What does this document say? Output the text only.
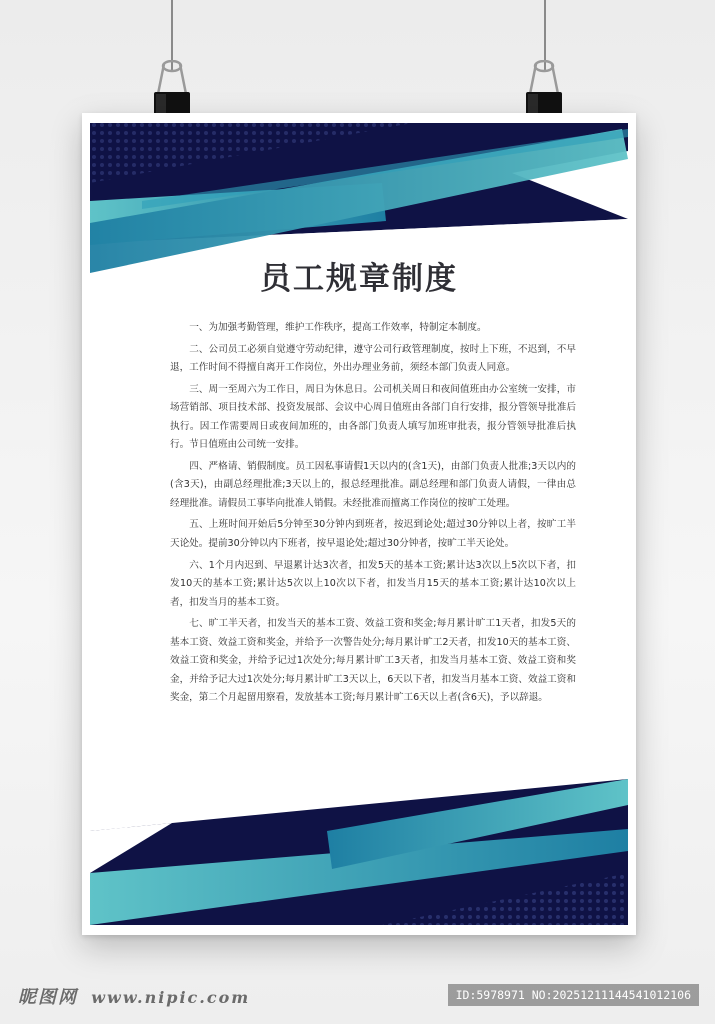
员工规章制度

一、为加强考勤管理，维护工作秩序，提高工作效率，特制定本制度。

二、公司员工必须自觉遵守劳动纪律，遵守公司行政管理制度，按时上下班，不迟到，不早退，工作时间不得擅自离开工作岗位，外出办理业务前，须经本部门负责人同意。

三、周一至周六为工作日，周日为休息日。公司机关周日和夜间值班由办公室统一安排，市场营销部、项目技术部、投资发展部、会议中心周日值班由各部门自行安排，报分管领导批准后执行。因工作需要周日或夜间加班的，由各部门负责人填写加班审批表，报分管领导批准后执行。节日值班由公司统一安排。

四、严格请、销假制度。员工因私事请假1天以内的(含1天)，由部门负责人批准;3天以内的(含3天)，由副总经理批准;3天以上的，报总经理批准。副总经理和部门负责人请假，一律由总经理批准。请假员工事毕向批准人销假。未经批准而擅离工作岗位的按旷工处理。

五、上班时间开始后5分钟至30分钟内到班者，按迟到论处;超过30分钟以上者，按旷工半天论处。提前30分钟以内下班者，按早退论处;超过30分钟者，按旷工半天论处。

六、1个月内迟到、早退累计达3次者，扣发5天的基本工资;累计达3次以上5次以下者，扣发10天的基本工资;累计达5次以上10次以下者，扣发当月15天的基本工资;累计达10次以上者，扣发当月的基本工资。

七、旷工半天者，扣发当天的基本工资、效益工资和奖金;每月累计旷工1天者，扣发5天的基本工资、效益工资和奖金，并给予一次警告处分;每月累计旷工2天者，扣发10天的基本工资、效益工资和奖金，并给予记过1次处分;每月累计旷工3天者，扣发当月基本工资、效益工资和奖金，并给予记大过1次处分;每月累计旷工3天以上，6天以下者，扣发当月基本工资、效益工资和奖金，第二个月起留用察看，发放基本工资;每月累计旷工6天以上者(含6天)，予以辞退。

昵图网 www.nipic.com	ID:5978971 NO:20251211144541012106
